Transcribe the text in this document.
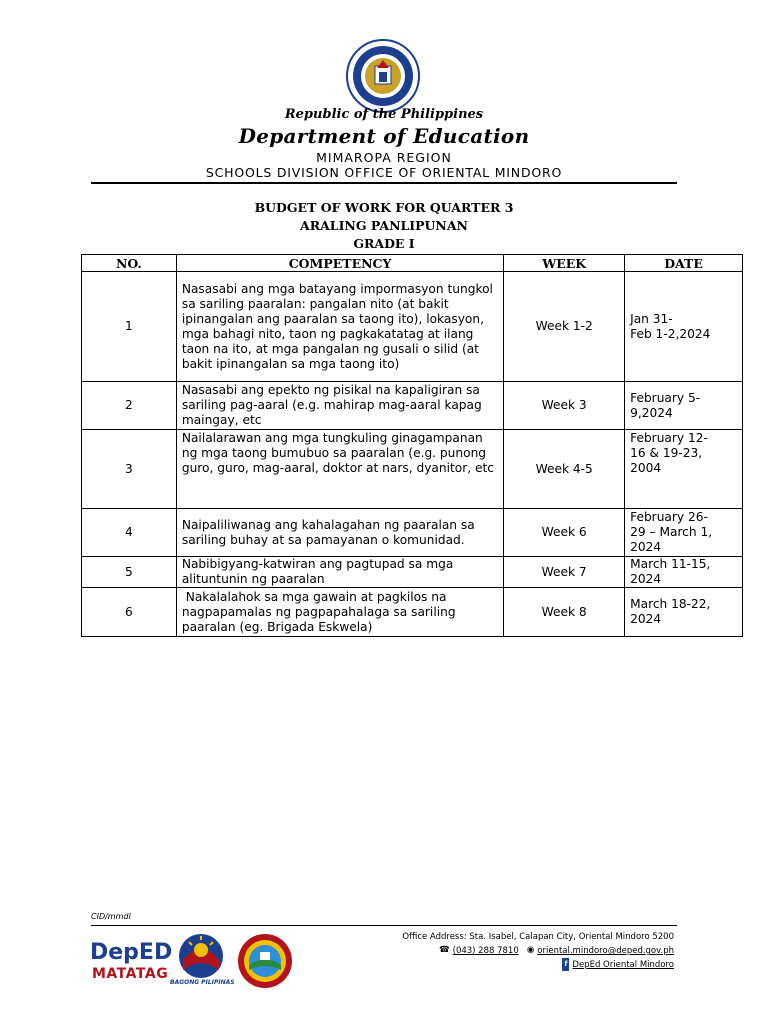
Republic of the Philippines
Department of Education
MIMAROPA REGION
SCHOOLS DIVISION OFFICE OF ORIENTAL MINDORO
BUDGET OF WORK FOR QUARTER 3
ARALING PANLIPUNAN
GRADE I
NO.	COMPETENCY	WEEK	DATE
1	Nasasabi ang mga batayang impormasyon tungkol sa sariling paaralan: pangalan nito (at bakit ipinangalan ang paaralan sa taong ito), lokasyon, mga bahagi nito, taon ng pagkakatatag at ilang taon na ito, at mga pangalan ng gusali o silid (at bakit ipinangalan sa mga taong ito)	Week 1-2	Jan 31-
Feb 1-2,2024
2	Nasasabi ang epekto ng pisikal na kapaligiran sa sariling pag-aaral (e.g. mahirap mag-aaral kapag maingay, etc	Week 3	February 5-
9,2024
3	Nailalarawan ang mga tungkuling ginagampanan ng mga taong bumubuo sa paaralan (e.g. punong guro, guro, mag-aaral, doktor at nars, dyanitor, etc	Week 4-5	February 12-
16 & 19-23,
2004
4	Naipaliliwanag ang kahalagahan ng paaralan sa sariling buhay at sa pamayanan o komunidad.	Week 6	February 26-
29 – March 1,
2024
5	Nabibigyang-katwiran ang pagtupad sa mga alituntunin ng paaralan	Week 7	March 11-15,
2024
6	Nakalalahok sa mga gawain at pagkilos na nagpapamalas ng pagpapahalaga sa sariling paaralan (eg. Brigada Eskwela)	Week 8	March 18-22,
2024
CID/mmdl
DepED
MATATAG
BAGONG PILIPINAS
Office Address: Sta. Isabel, Calapan City, Oriental Mindoro 5200
☎ (043) 288 7810 ◉ oriental.mindoro@deped.gov.ph
f DepEd Oriental Mindoro
